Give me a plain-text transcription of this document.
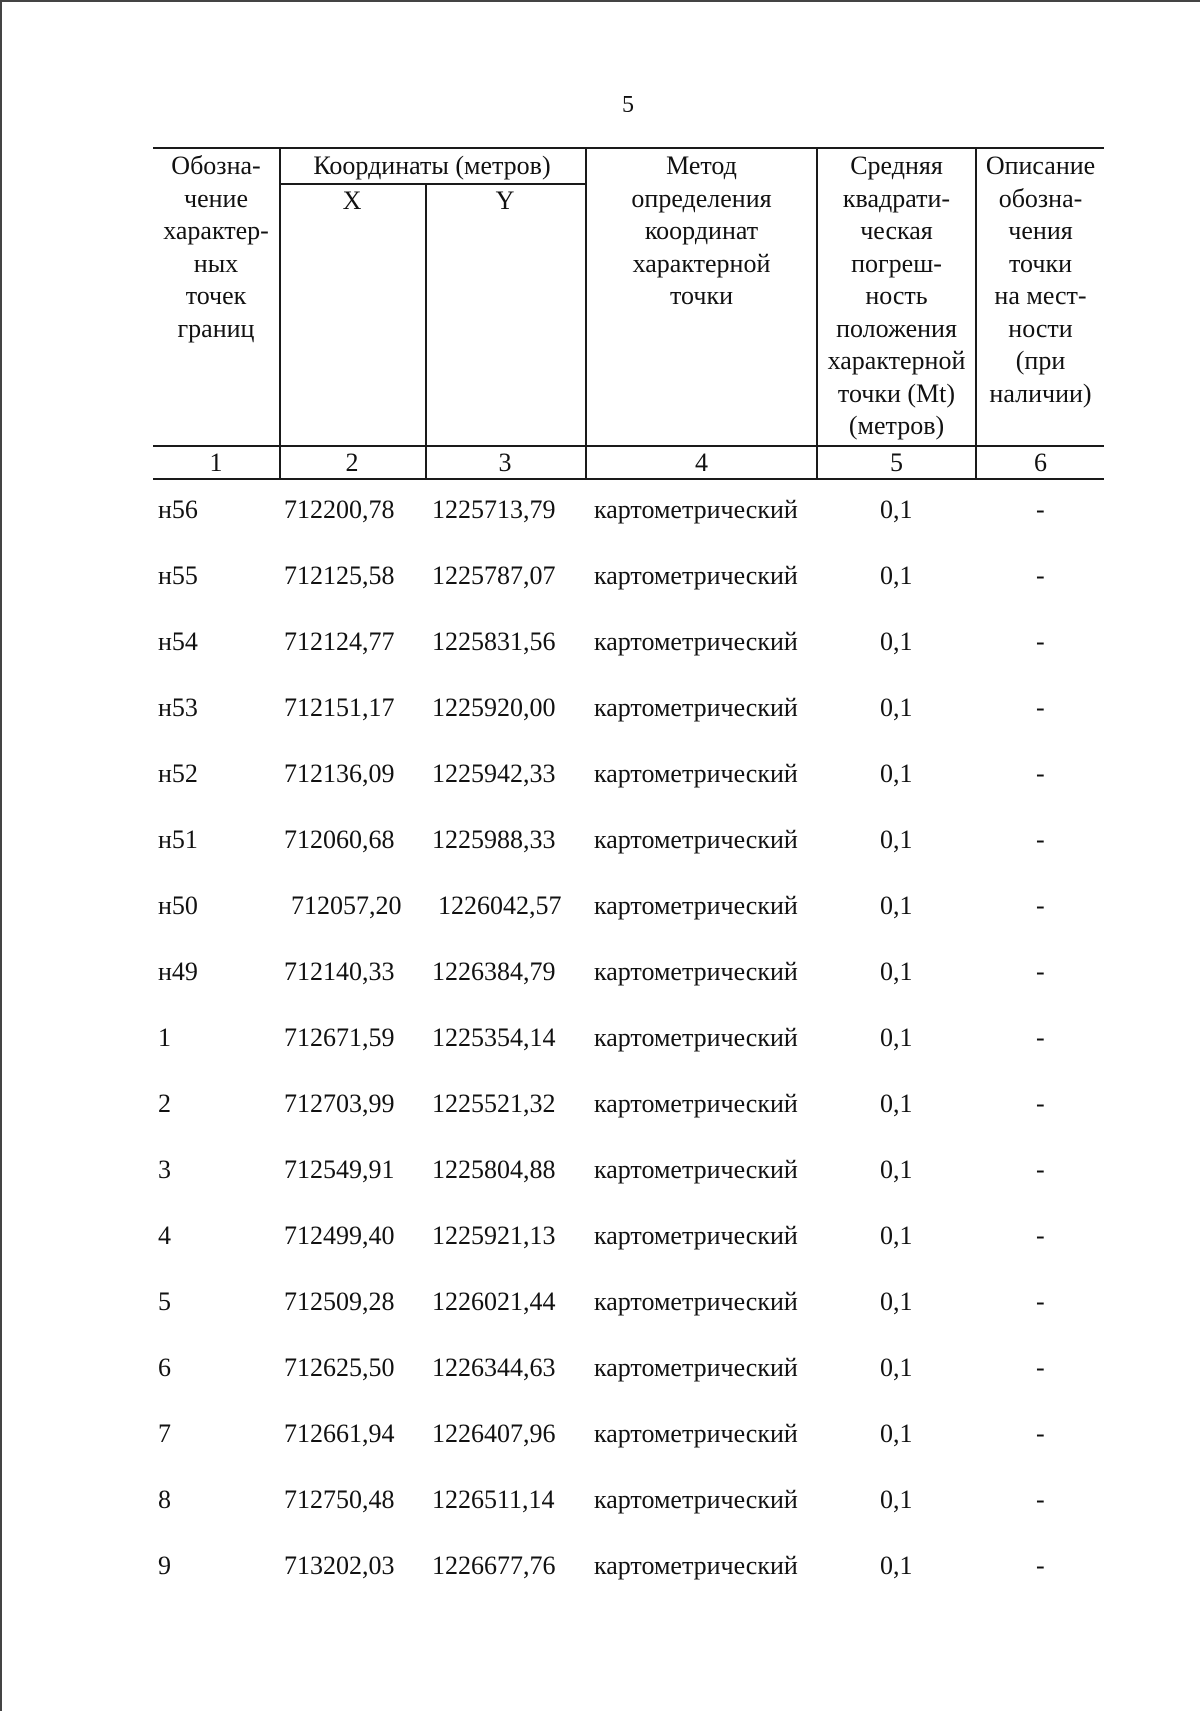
5
Обозна-
чение
характер-
ных
точек
границ
Координаты (метров)
X	Y
Метод
определения
координат
характерной
точки
Средняя
квадрати-
ческая
погреш-
ность
положения
характерной
точки (Mt)
(метров)
Описание
обозна-
чения
точки
на мест-
ности
(при
наличии)
1	2	3	4	5	6
н56	712200,78 1225713,79 картометрический	0,1	-
н55	712125,58 1225787,07 картометрический	0,1	-
н54	712124,77 1225831,56 картометрический	0,1	-
н53	712151,17 1225920,00 картометрический	0,1	-
н52	712136,09 1225942,33 картометрический	0,1	-
н51	712060,68 1225988,33 картометрический	0,1	-
н50	712057,20 1226042,57 картометрический	0,1	-
н49	712140,33 1226384,79 картометрический	0,1	-
1	712671,59 1225354,14 картометрический	0,1	-
2	712703,99 1225521,32 картометрический	0,1	-
3	712549,91 1225804,88 картометрический	0,1	-
4	712499,40 1225921,13 картометрический	0,1	-
5	712509,28 1226021,44 картометрический	0,1	-
6	712625,50 1226344,63 картометрический	0,1	-
7	712661,94 1226407,96 картометрический	0,1	-
8	712750,48 1226511,14 картометрический	0,1	-
9	713202,03 1226677,76 картометрический	0,1	-
